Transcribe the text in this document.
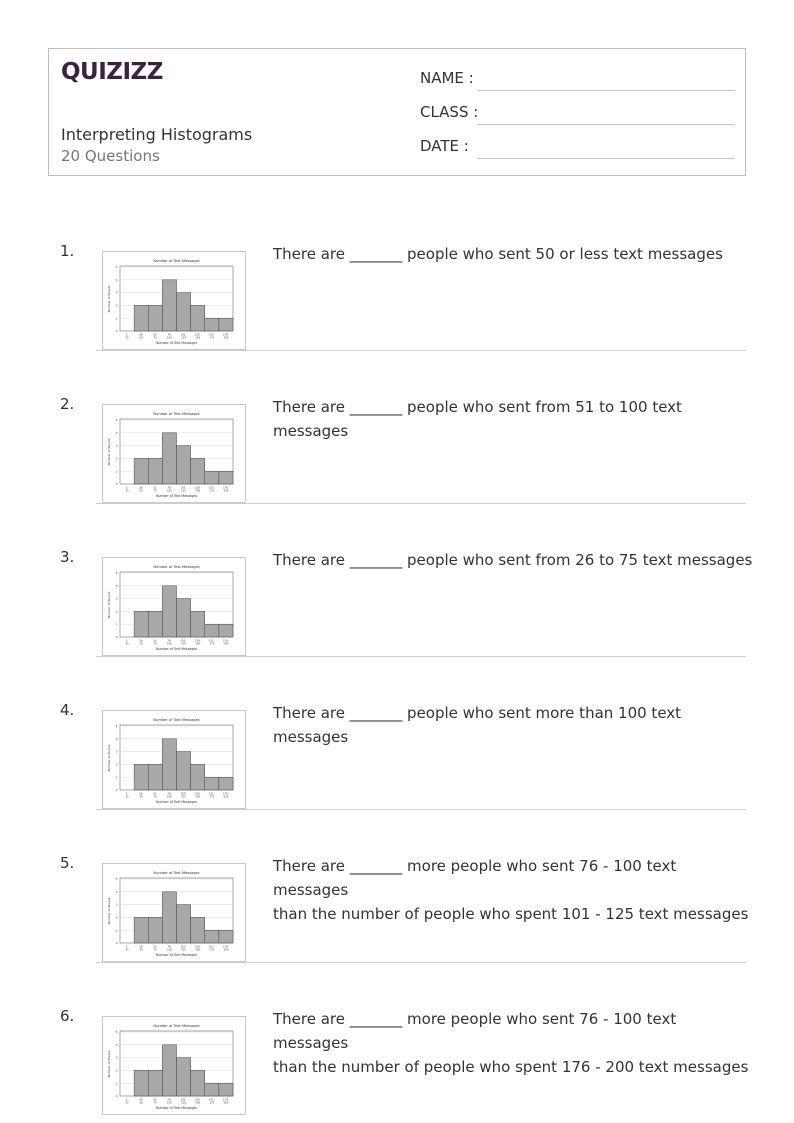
QUIZIZZ
Interpreting Histograms
20 Questions
NAME :
CLASS :
DATE :
1.
Number of Text Messages
0
1
2
3
4
5
1-
25
26-
50
51-
75
76-
100
101-
125
126-
150
151-
175
176-
200
Number of Text Messages
Number of People
There are _______ people who sent 50 or less text messages
2.
Number of Text Messages
0
1
2
3
4
5
1-
25
26-
50
51-
75
76-
100
101-
125
126-
150
151-
175
176-
200
Number of Text Messages
Number of People
There are _______ people who sent from 51 to 100 text messages
3.
Number of Text Messages
0
1
2
3
4
5
1-
25
26-
50
51-
75
76-
100
101-
125
126-
150
151-
175
176-
200
Number of Text Messages
Number of People
There are _______ people who sent from 26 to 75 text messages
4.
Number of Text Messages
0
1
2
3
4
5
1-
25
26-
50
51-
75
76-
100
101-
125
126-
150
151-
175
176-
200
Number of Text Messages
Number of People
There are _______ people who sent more than 100 text messages
5.
Number of Text Messages
0
1
2
3
4
5
1-
25
26-
50
51-
75
76-
100
101-
125
126-
150
151-
175
176-
200
Number of Text Messages
Number of People
There are _______ more people who sent 76 - 100 text messages
than the number of people who spent 101 - 125 text messages
6.
Number of Text Messages
0
1
2
3
4
5
1-
25
26-
50
51-
75
76-
100
101-
125
126-
150
151-
175
176-
200
Number of Text Messages
Number of People
There are _______ more people who sent 76 - 100 text messages
than the number of people who spent 176 - 200 text messages
